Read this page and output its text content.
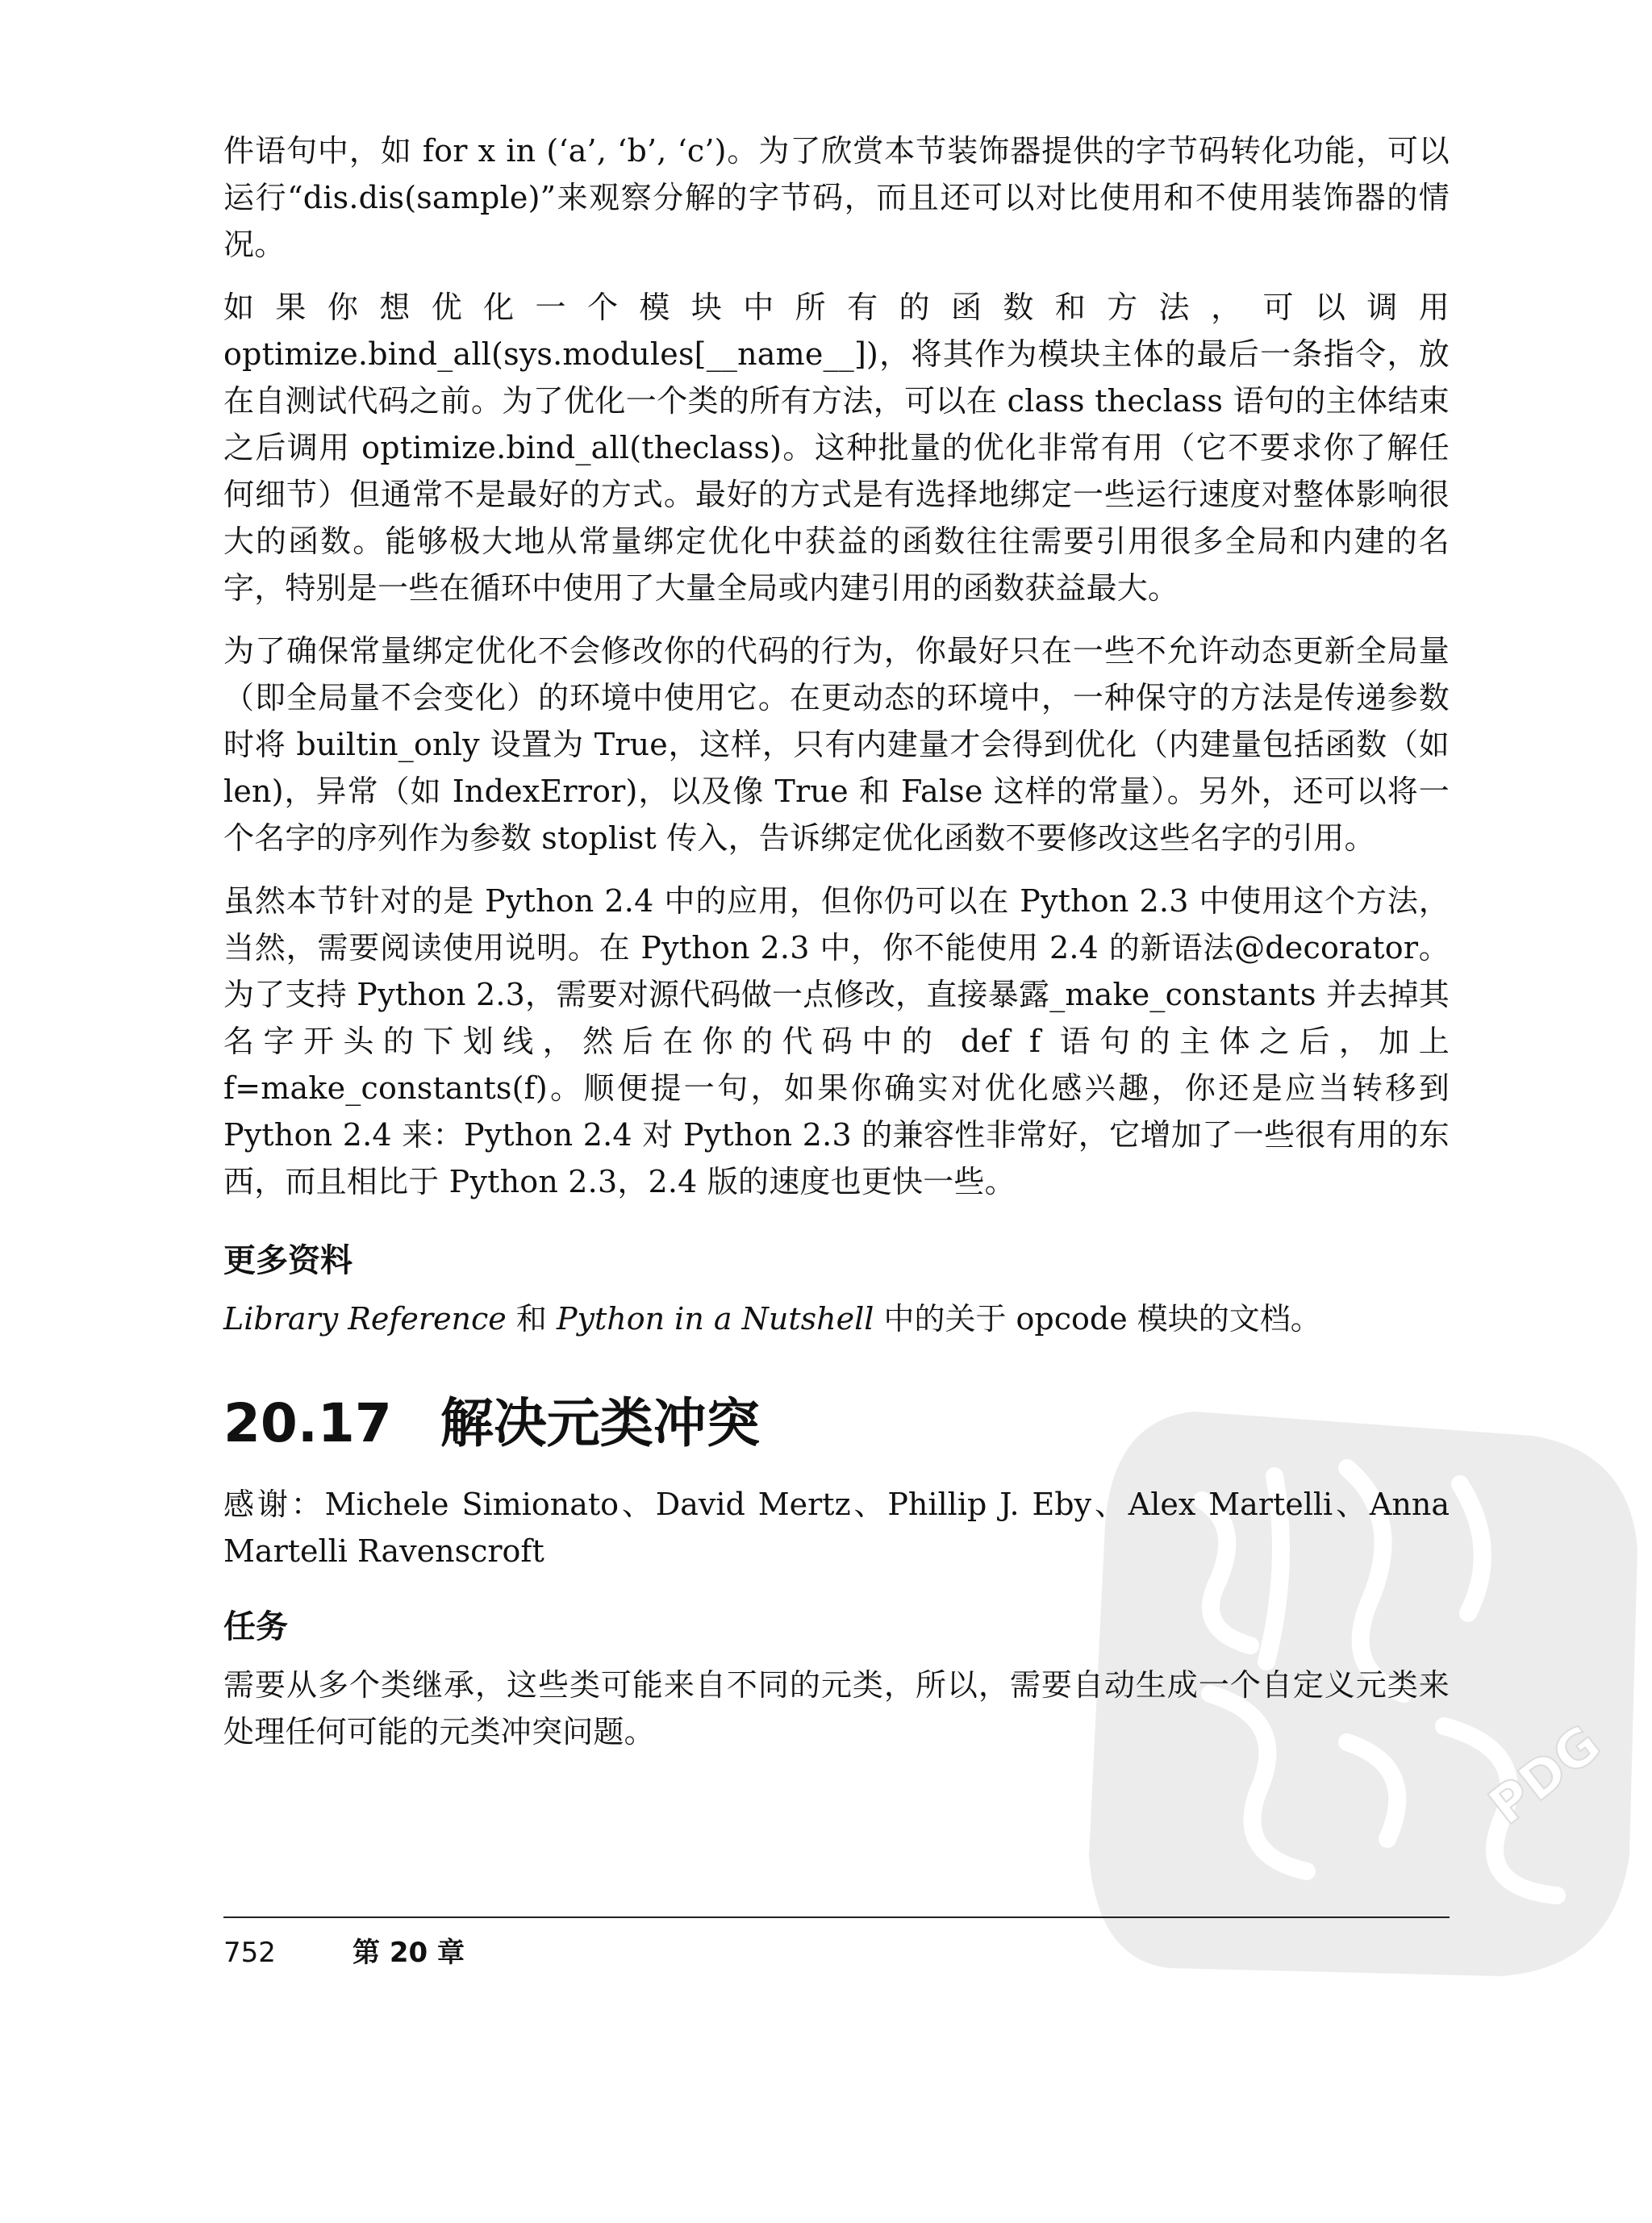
PDG

件语句中，如 for x in (‘a’, ‘b’, ‘c’)。为了欣赏本节装饰器提供的字节码转化功能，可以运行“dis.dis(sample)”来观察分解的字节码，而且还可以对比使用和不使用装饰器的情况。

如果你想优化一个模块中所有的函数和方法，可以调用 optimize.bind_all(sys.modules[__name__])，将其作为模块主体的最后一条指令，放在自测试代码之前。为了优化一个类的所有方法，可以在 class theclass 语句的主体结束之后调用 optimize.bind_all(theclass)。这种批量的优化非常有用（它不要求你了解任何细节）但通常不是最好的方式。最好的方式是有选择地绑定一些运行速度对整体影响很大的函数。能够极大地从常量绑定优化中获益的函数往往需要引用很多全局和内建的名字，特别是一些在循环中使用了大量全局或内建引用的函数获益最大。

为了确保常量绑定优化不会修改你的代码的行为，你最好只在一些不允许动态更新全局量（即全局量不会变化）的环境中使用它。在更动态的环境中，一种保守的方法是传递参数时将 builtin_only 设置为 True，这样，只有内建量才会得到优化（内建量包括函数（如 len)，异常（如 IndexError)，以及像 True 和 False 这样的常量）。另外，还可以将一个名字的序列作为参数 stoplist 传入，告诉绑定优化函数不要修改这些名字的引用。

虽然本节针对的是 Python 2.4 中的应用，但你仍可以在 Python 2.3 中使用这个方法，当然，需要阅读使用说明。在 Python 2.3 中，你不能使用 2.4 的新语法@decorator。为了支持 Python 2.3，需要对源代码做一点修改，直接暴露_make_constants 并去掉其名字开头的下划线，然后在你的代码中的 def f 语句的主体之后，加上 f=make_constants(f)。顺便提一句，如果你确实对优化感兴趣，你还是应当转移到 Python 2.4 来：Python 2.4 对 Python 2.3 的兼容性非常好，它增加了一些很有用的东西，而且相比于 Python 2.3，2.4 版的速度也更快一些。

更多资料
Library Reference 和 Python in a Nutshell 中的关于 opcode 模块的文档。
20.17 解决元类冲突
感谢：Michele Simionato、David Mertz、Phillip J. Eby、Alex Martelli、Anna Martelli Ravenscroft
任务

需要从多个类继承，这些类可能来自不同的元类，所以，需要自动生成一个自定义元类来处理任何可能的元类冲突问题。

752	第 20 章
